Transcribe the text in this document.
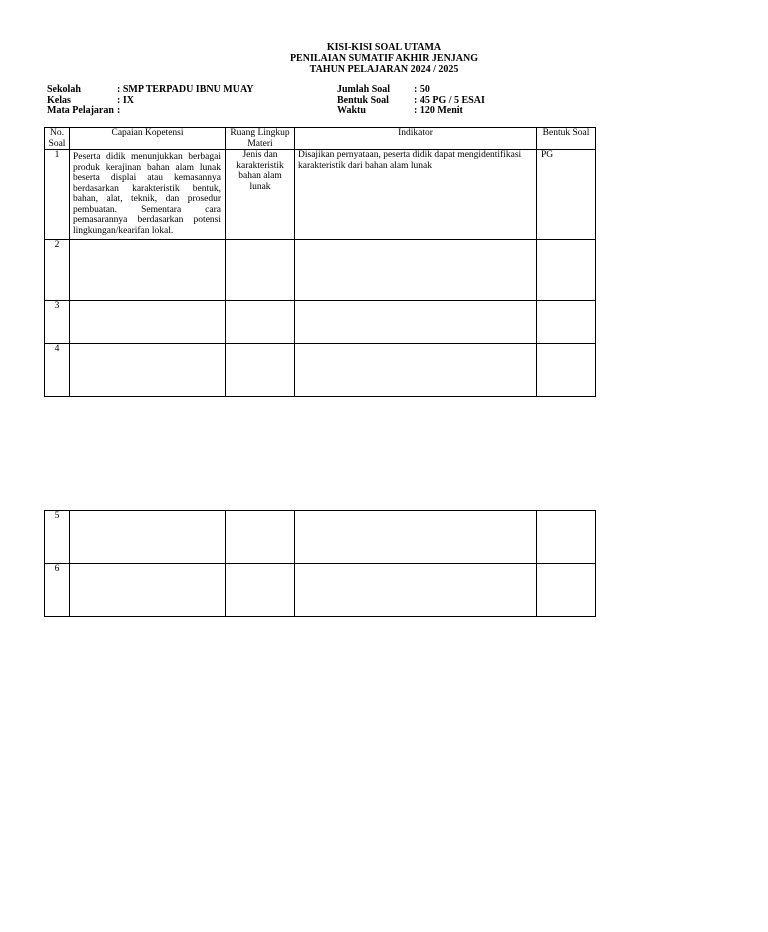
KISI-KISI SOAL UTAMA
PENILAIAN SUMATIF AKHIR JENJANG
TAHUN PELAJARAN 2024 / 2025
Sekolah	: SMP TERPADU IBNU MUAY
Kelas	: IX
Mata Pelajaran :
Jumlah Soal : 50
Bentuk Soal	: 45 PG / 5 ESAI
Waktu	: 120 Menit
No. Soal	Capaian Kopetensi	Ruang Lingkup Materi	Indikator	Bentuk Soal
1	Peserta didik menunjukkan berbagai produk kerajinan bahan alam lunak beserta displai atau kemasannya berdasarkan karakteristik bentuk, bahan, alat, teknik, dan prosedur pembuatan. Sementara cara pemasarannya berdasarkan potensi lingkungan/kearifan lokal.	Jenis dan karakteristik bahan alam lunak	Disajikan pernyataan, peserta didik dapat mengidentifikasi karakteristik dari bahan alam lunak	PG
2				
3				
4				
5				
6				
